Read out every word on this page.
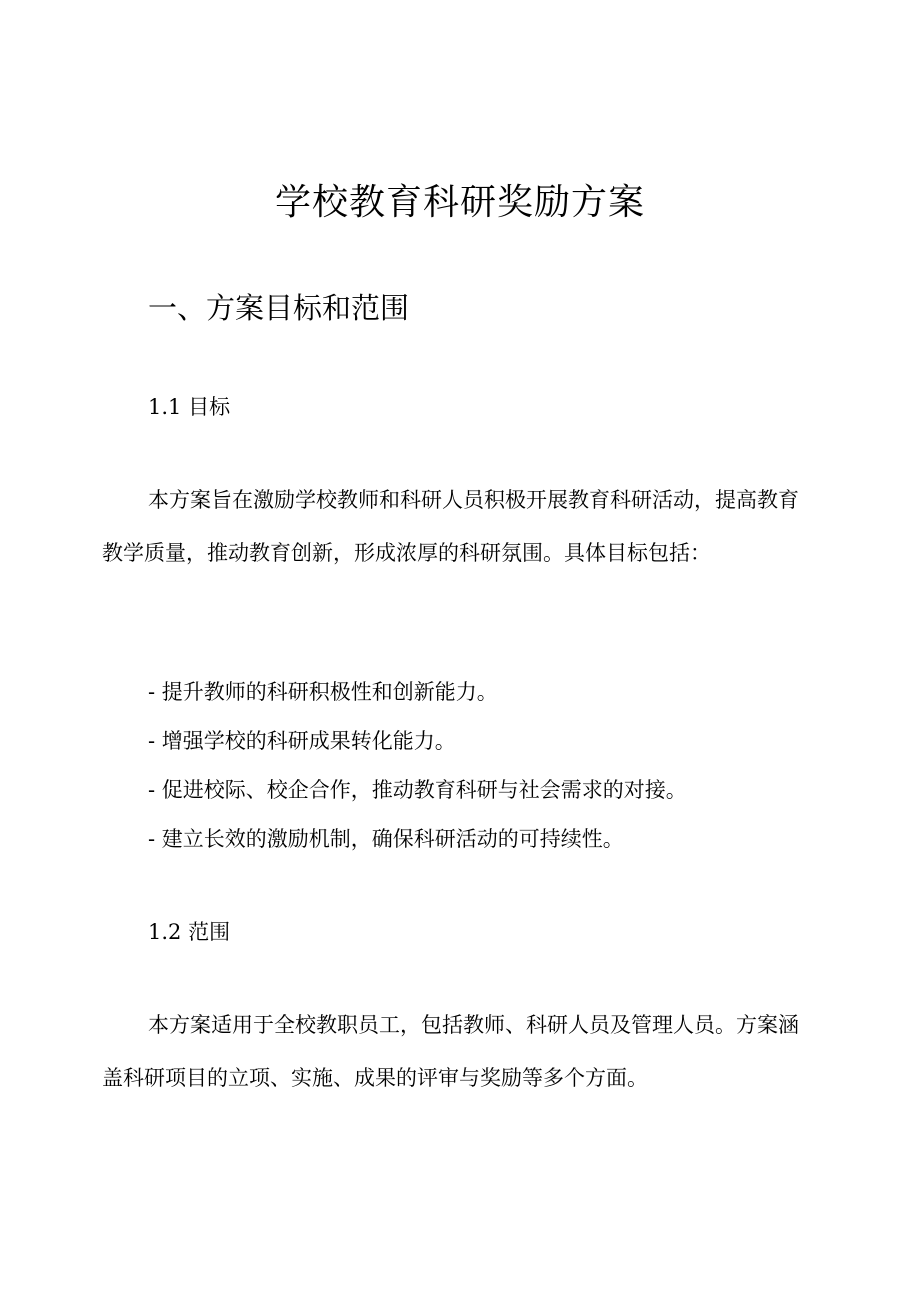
学校教育科研奖励方案
一、方案目标和范围
1.1 目标

本方案旨在激励学校教师和科研人员积极开展教育科研活动，提高教育教学质量，推动教育创新，形成浓厚的科研氛围。具体目标包括：

- 提升教师的科研积极性和创新能力。
- 增强学校的科研成果转化能力。
- 促进校际、校企合作，推动教育科研与社会需求的对接。
- 建立长效的激励机制，确保科研活动的可持续性。
1.2 范围

本方案适用于全校教职员工，包括教师、科研人员及管理人员。方案涵盖科研项目的立项、实施、成果的评审与奖励等多个方面。
